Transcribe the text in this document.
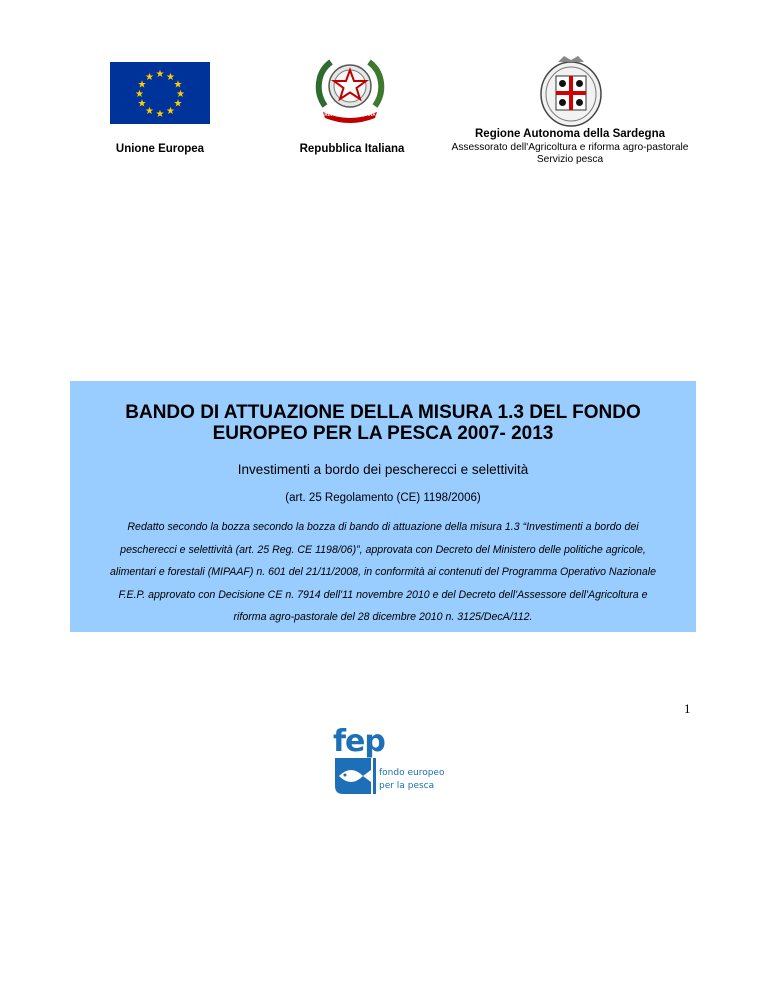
★ ★
★
★
★
★
★
★
★
★
★
★
REPUBBLICA ITALIANA
Unione Europea	Repubblica Italiana
Regione Autonoma della Sardegna
Assessorato dell'Agricoltura e riforma agro-pastorale
Servizio pesca
BANDO DI ATTUAZIONE DELLA MISURA 1.3 DEL FONDO
EUROPEO PER LA PESCA 2007- 2013
Investimenti a bordo dei pescherecci e selettività
(art. 25 Regolamento (CE) 1198/2006)
Redatto secondo la bozza secondo la bozza di bando di attuazione della misura 1.3 “Investimenti a bordo dei
pescherecci e selettività (art. 25 Reg. CE 1198/06)”, approvata con Decreto del Ministero delle politiche agricole,
alimentari e forestali (MIPAAF) n. 601 del 21/11/2008, in conformità ai contenuti del Programma Operativo Nazionale
F.E.P. approvato con Decisione CE n. 7914 dell'11 novembre 2010 e del Decreto dell'Assessore dell'Agricoltura e
riforma agro-pastorale del 28 dicembre 2010 n. 3125/DecA/112.
1
fep
fondo europeo
per la pesca
